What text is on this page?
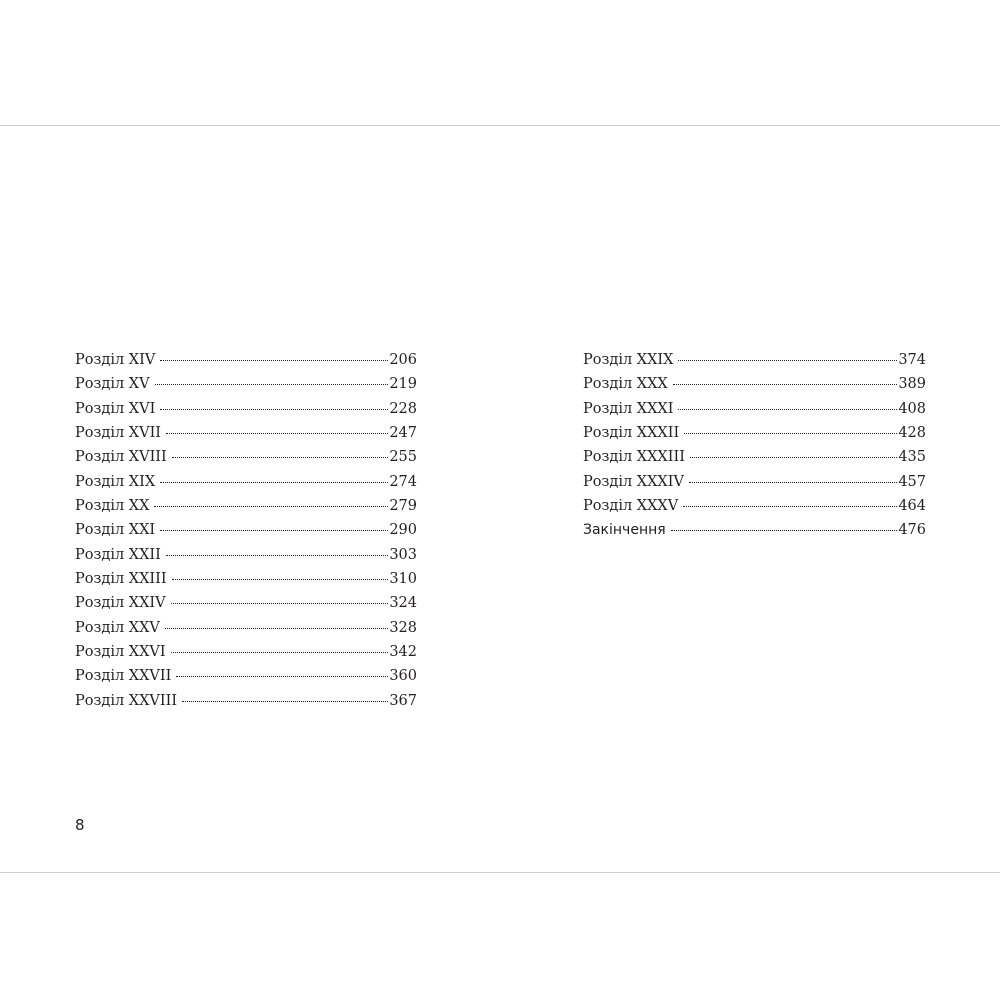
Розділ XIV	206
Розділ XV	219
Розділ XVI	228
Розділ XVII	247
Розділ XVIII	255
Розділ XIX	274
Розділ XX	279
Розділ XXI	290
Розділ XXII	303
Розділ XXIII	310
Розділ XXIV	324
Розділ XXV	328
Розділ XXVI	342
Розділ XXVII	360
Розділ XXVIII	367
Розділ XXIX	374
Розділ XXX	389
Розділ XXXI	408
Розділ XXXII	428
Розділ XXXIII	435
Розділ XXXIV	457
Розділ XXXV	464
Закінчення	476
8
